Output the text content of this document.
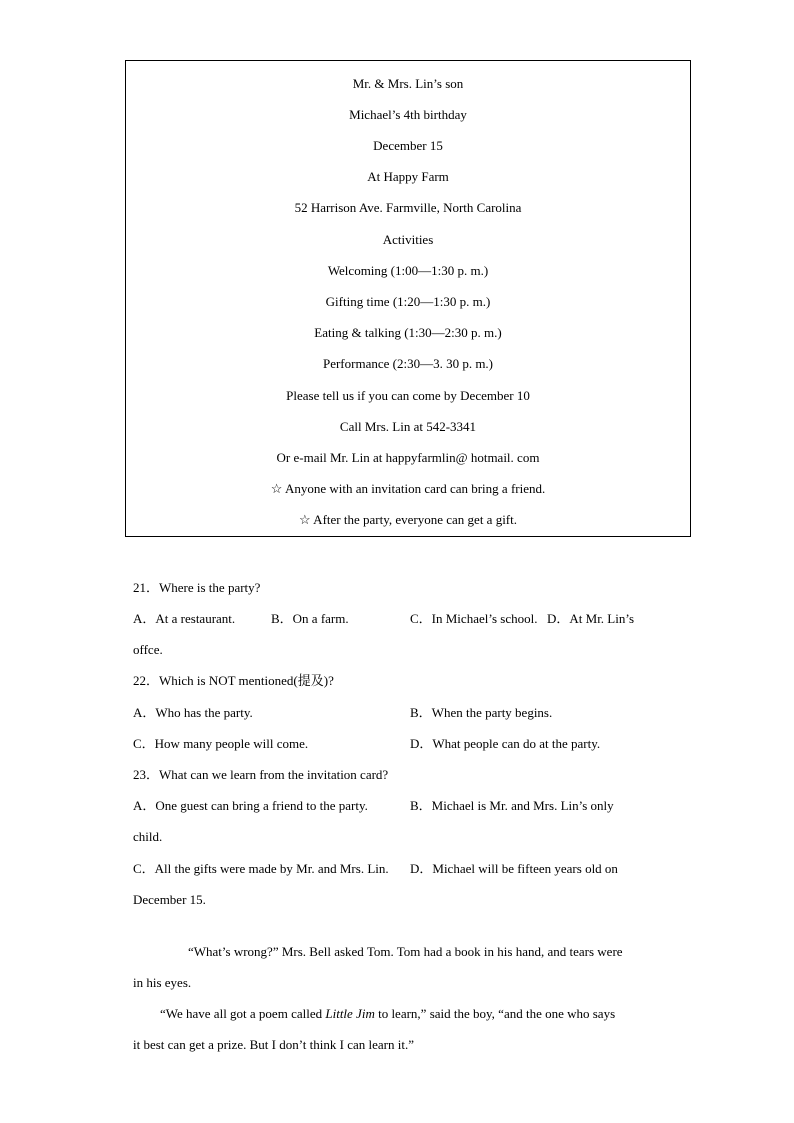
Mr. & Mrs. Lin’s son
Michael’s 4th birthday
December 15
At Happy Farm
52 Harrison Ave. Farmville, North Carolina
Activities
Welcoming (1:00—1:30 p. m.)
Gifting time (1:20—1:30 p. m.)
Eating & talking (1:30—2:30 p. m.)
Performance (2:30—3. 30 p. m.)
Please tell us if you can come by December 10
Call Mrs. Lin at 542-3341
Or e-mail Mr. Lin at happyfarmlin@ hotmail. com
☆ Anyone with an invitation card can bring a friend.
☆ After the party, everyone can get a gift.
21．Where is the party?
A．At a restaurant.	B．On a farm.	C．In Michael’s school. D．At Mr. Lin’s
offce.
22．Which is NOT mentioned(提及)?
A．Who has the party.	B．When the party begins.
C．How many people will come.	D．What people can do at the party.
23．What can we learn from the invitation card?
A．One guest can bring a friend to the party.	B．Michael is Mr. and Mrs. Lin’s only
child.
C．All the gifts were made by Mr. and Mrs. Lin. D．Michael will be fifteen years old on
December 15.
“What’s wrong?” Mrs. Bell asked Tom. Tom had a book in his hand, and tears were
in his eyes.
“We have all got a poem called Little Jim to learn,” said the boy, “and the one who says
it best can get a prize. But I don’t think I can learn it.”
